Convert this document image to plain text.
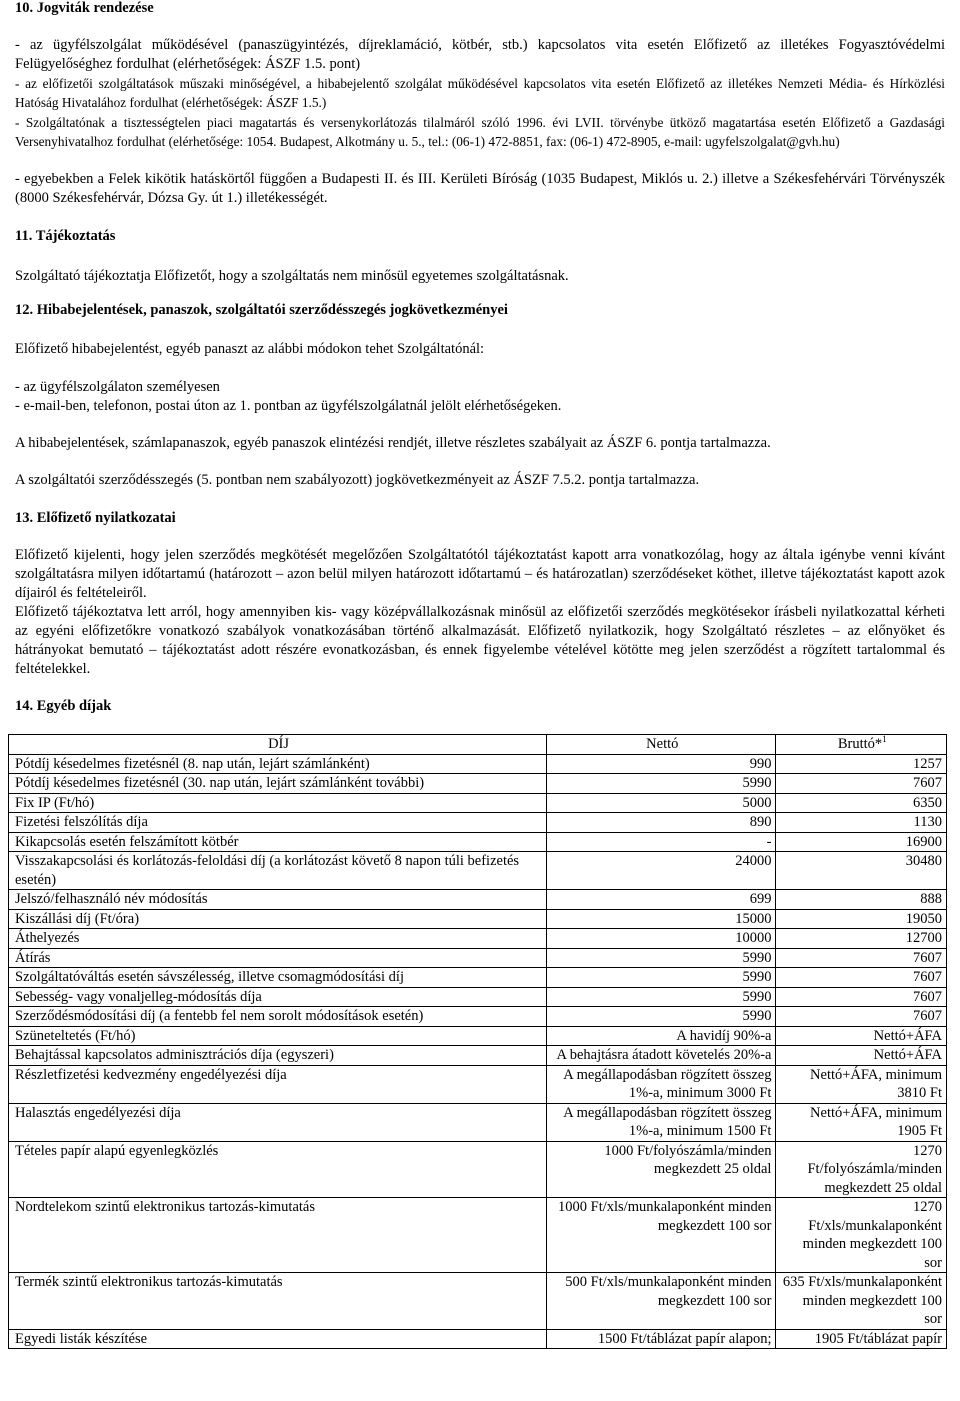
10. Jogviták rendezése

- az ügyfélszolgálat működésével (panaszügyintézés, díjreklamáció, kötbér, stb.) kapcsolatos vita esetén Előfizető az illetékes Fogyasztóvédelmi Felügyelőséghez fordulhat (elérhetőségek: ÁSZF 1.5. pont)

- az előfizetői szolgáltatások műszaki minőségével, a hibabejelentő szolgálat működésével kapcsolatos vita esetén Előfizető az illetékes Nemzeti Média- és Hírközlési Hatóság Hivatalához fordulhat (elérhetőségek: ÁSZF 1.5.)

- Szolgáltatónak a tisztességtelen piaci magatartás és versenykorlátozás tilalmáról szóló 1996. évi LVII. törvénybe ütköző magatartása esetén Előfizető a Gazdasági Versenyhivatalhoz fordulhat (elérhetősége: 1054. Budapest, Alkotmány u. 5., tel.: (06-1) 472-8851, fax: (06-1) 472-8905, e-mail: ugyfelszolgalat@gvh.hu)

- egyebekben a Felek kikötik hatáskörtől függően a Budapesti II. és III. Kerületi Bíróság (1035 Budapest, Miklós u. 2.) illetve a Székesfehérvári Törvényszék (8000 Székesfehérvár, Dózsa Gy. út 1.) illetékességét.

11. Tájékoztatás

Szolgáltató tájékoztatja Előfizetőt, hogy a szolgáltatás nem minősül egyetemes szolgáltatásnak.

12. Hibabejelentések, panaszok, szolgáltatói szerződésszegés jogkövetkezményei

Előfizető hibabejelentést, egyéb panaszt az alábbi módokon tehet Szolgáltatónál:

- az ügyfélszolgálaton személyesen

- e-mail-ben, telefonon, postai úton az 1. pontban az ügyfélszolgálatnál jelölt elérhetőségeken.

A hibabejelentések, számlapanaszok, egyéb panaszok elintézési rendjét, illetve részletes szabályait az ÁSZF 6. pontja tartalmazza.

A szolgáltatói szerződésszegés (5. pontban nem szabályozott) jogkövetkezményeit az ÁSZF 7.5.2. pontja tartalmazza.

13. Előfizető nyilatkozatai

Előfizető kijelenti, hogy jelen szerződés megkötését megelőzően Szolgáltatótól tájékoztatást kapott arra vonatkozólag, hogy az általa igénybe venni kívánt szolgáltatásra milyen időtartamú (határozott – azon belül milyen határozott időtartamú – és határozatlan) szerződéseket köthet, illetve tájékoztatást kapott azok díjairól és feltételeiről.

Előfizető tájékoztatva lett arról, hogy amennyiben kis- vagy középvállalkozásnak minősül az előfizetői szerződés megkötésekor írásbeli nyilatkozattal kérheti az egyéni előfizetőkre vonatkozó szabályok vonatkozásában történő alkalmazását. Előfizető nyilatkozik, hogy Szolgáltató részletes – az előnyöket és hátrányokat bemutató – tájékoztatást adott részére evonatkozásban, és ennek figyelembe vételével kötötte meg jelen szerződést a rögzített tartalommal és feltételekkel.

14. Egyéb díjak

DÍJ	Nettó	Bruttó*$^1$
Pótdíj késedelmes fizetésnél (8. nap után, lejárt számlánként)	990	1257
Pótdíj késedelmes fizetésnél (30. nap után, lejárt számlánként további)	5990	7607
Fix IP (Ft/hó)	5000	6350
Fizetési felszólítás díja	890	1130
Kikapcsolás esetén felszámított kötbér	-	16900
Visszakapcsolási és korlátozás-feloldási díj (a korlátozást követő 8 napon túli befizetés esetén)	24000	30480
Jelszó/felhasználó név módosítás	699	888
Kiszállási díj (Ft/óra)	15000	19050
Áthelyezés	10000	12700
Átírás	5990	7607
Szolgáltatóváltás esetén sávszélesség, illetve csomagmódosítási díj	5990	7607
Sebesség- vagy vonaljelleg-módosítás díja	5990	7607
Szerződésmódosítási díj (a fentebb fel nem sorolt módosítások esetén)	5990	7607
Szüneteltetés (Ft/hó)	A havidíj 90%-a	Nettó+ÁFA
Behajtással kapcsolatos adminisztrációs díja (egyszeri)	A behajtásra átadott követelés 20%-a	Nettó+ÁFA
Részletfizetési kedvezmény engedélyezési díja	A megállapodásban rögzített összeg 1%-a, minimum 3000 Ft	Nettó+ÁFA, minimum 3810 Ft
Halasztás engedélyezési díja	A megállapodásban rögzített összeg 1%-a, minimum 1500 Ft	Nettó+ÁFA, minimum 1905 Ft
Tételes papír alapú egyenlegközlés	1000 Ft/folyószámla/minden megkezdett 25 oldal	1270 Ft/folyószámla/minden megkezdett 25 oldal
Nordtelekom szintű elektronikus tartozás-kimutatás	1000 Ft/xls/munkalaponként minden megkezdett 100 sor	1270 Ft/xls/munkalaponként minden megkezdett 100 sor
Termék szintű elektronikus tartozás-kimutatás	500 Ft/xls/munkalaponként minden megkezdett 100 sor	635 Ft/xls/munkalaponként minden megkezdett 100 sor
Egyedi listák készítése	1500 Ft/táblázat papír alapon;	1905 Ft/táblázat papír
